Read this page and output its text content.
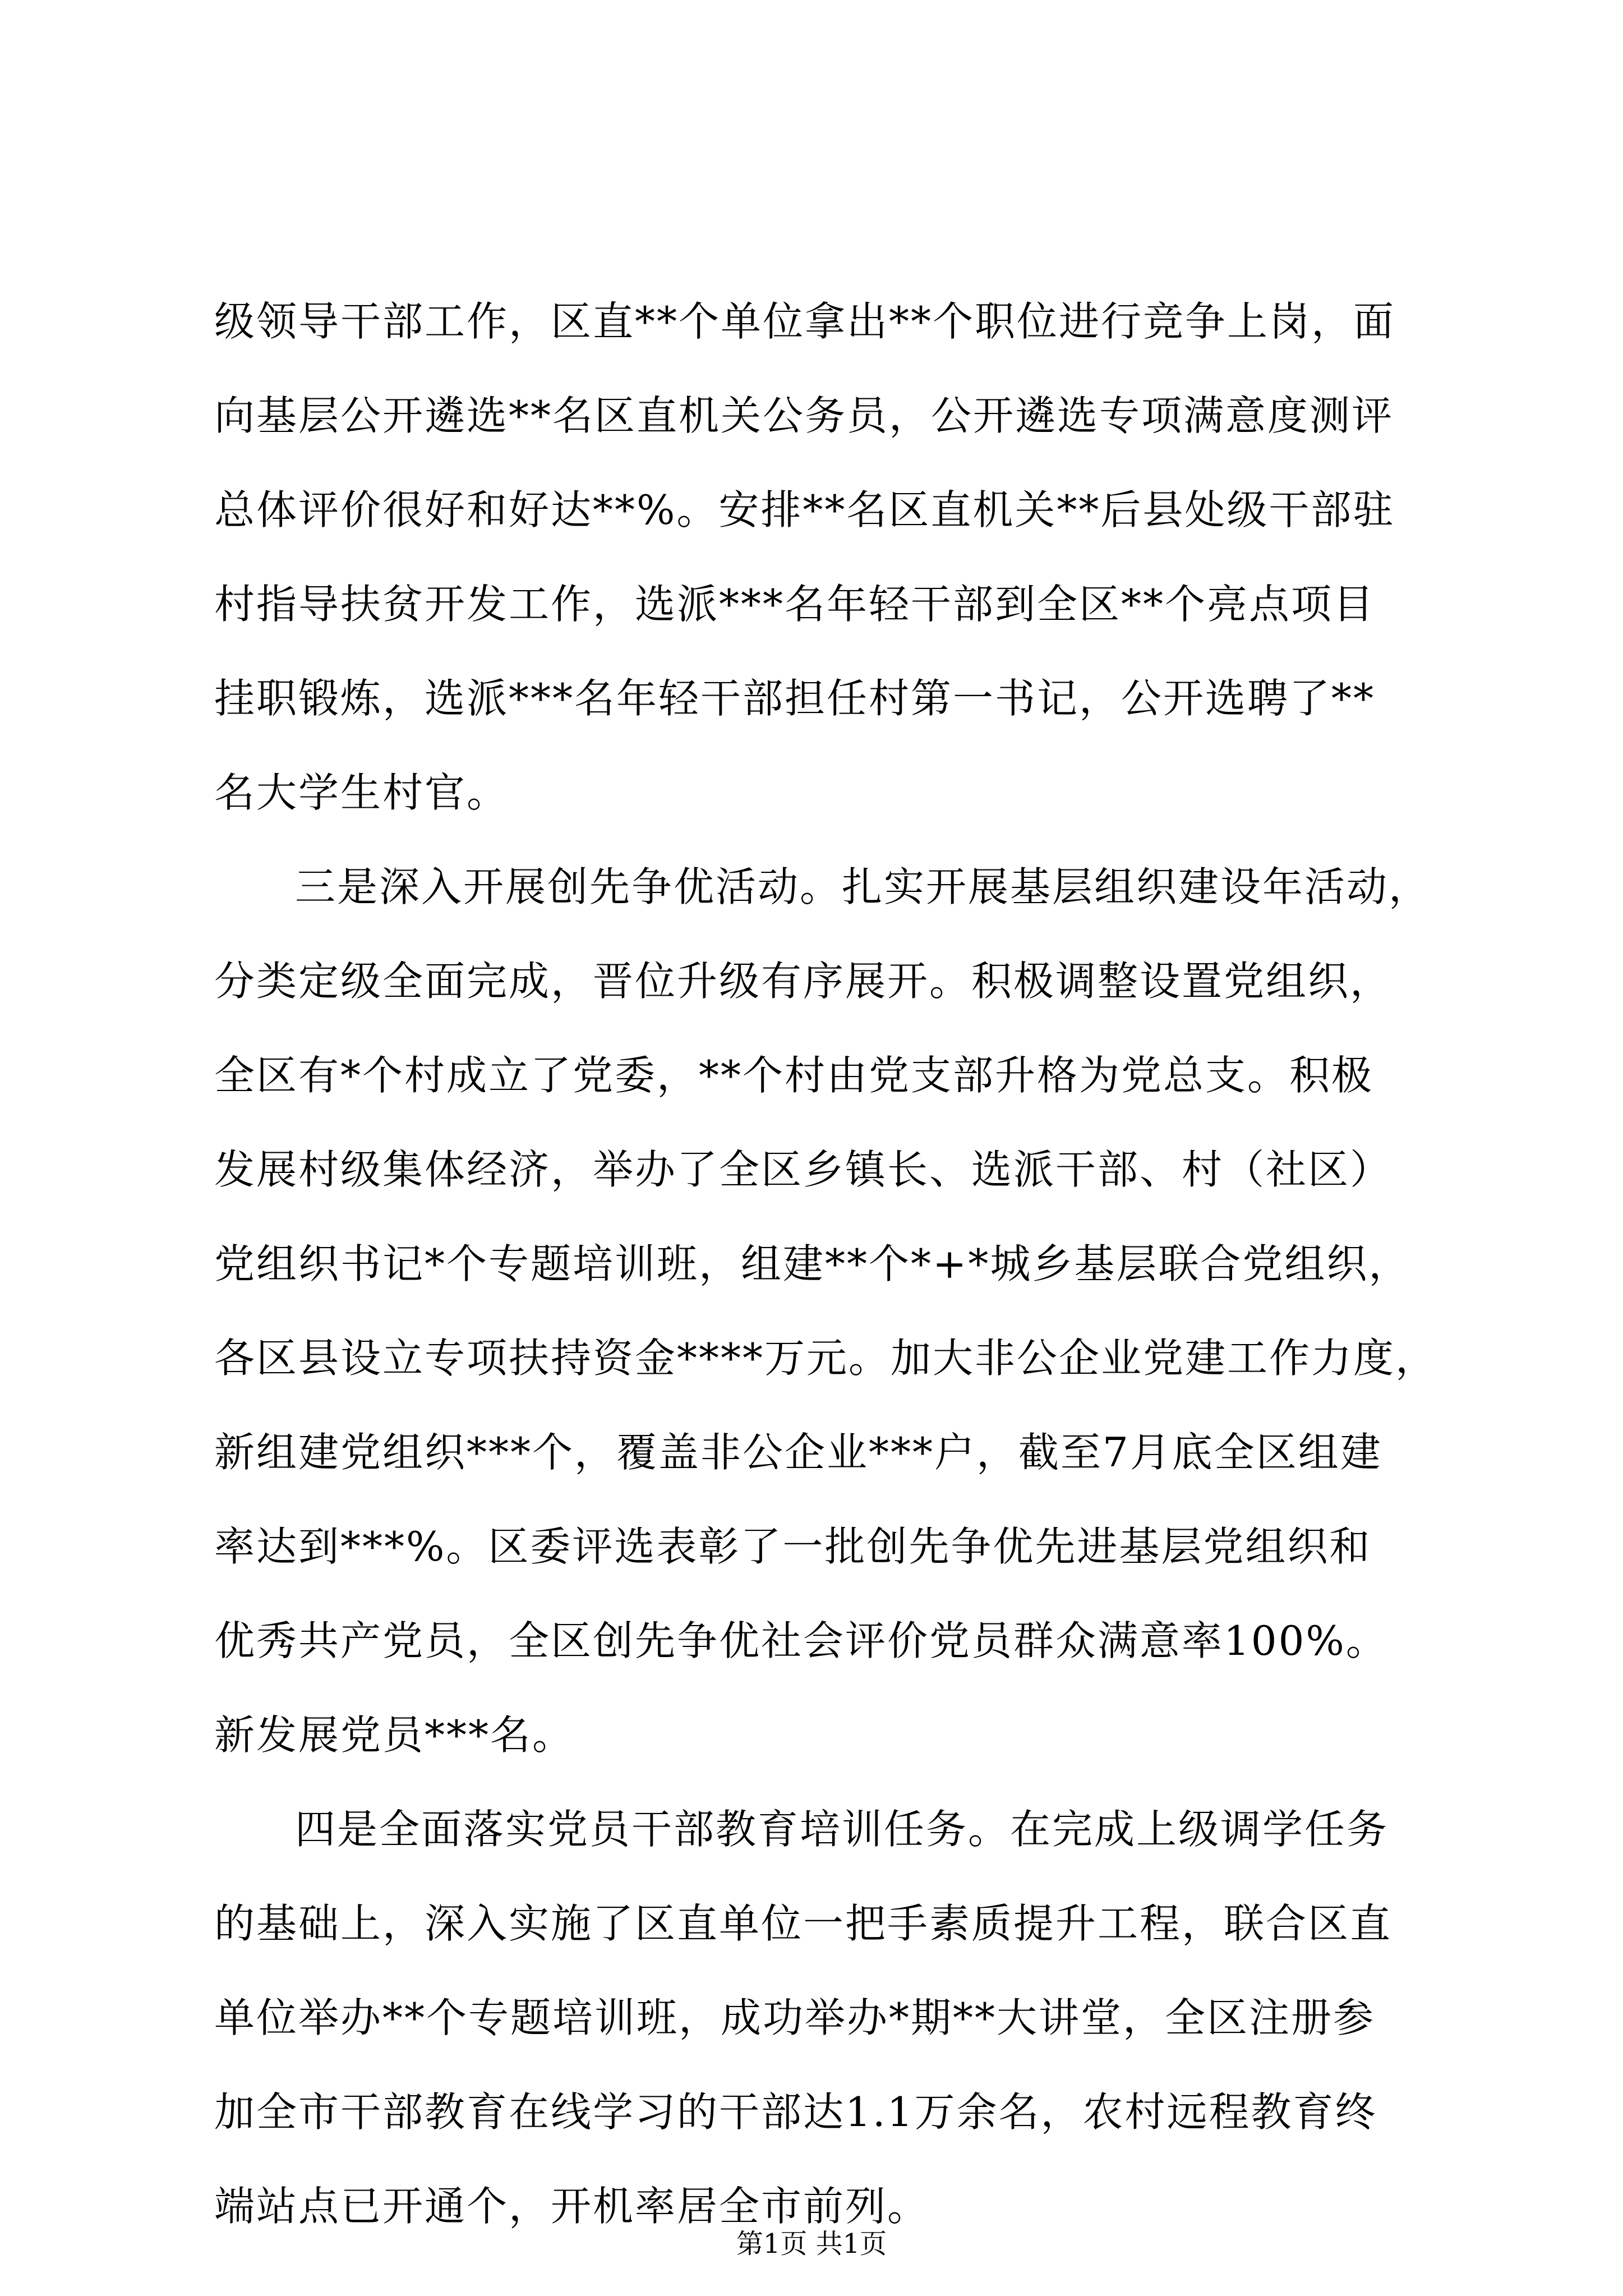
级领导干部工作，区直**个单位拿出**个职位进行竞争上岗，面
向基层公开遴选**名区直机关公务员，公开遴选专项满意度测评
总体评价很好和好达**%。安排**名区直机关**后县处级干部驻
村指导扶贫开发工作，选派***名年轻干部到全区**个亮点项目
挂职锻炼，选派***名年轻干部担任村第一书记，公开选聘了**
名大学生村官。
三是深入开展创先争优活动。扎实开展基层组织建设年活动，
分类定级全面完成，晋位升级有序展开。积极调整设置党组织，
全区有*个村成立了党委，**个村由党支部升格为党总支。积极
发展村级集体经济，举办了全区乡镇长、选派干部、村（社区）
党组织书记*个专题培训班，组建**个*+*城乡基层联合党组织，
各区县设立专项扶持资金****万元。加大非公企业党建工作力度，
新组建党组织***个，覆盖非公企业***户，截至7月底全区组建
率达到***%。区委评选表彰了一批创先争优先进基层党组织和
优秀共产党员，全区创先争优社会评价党员群众满意率100%。
新发展党员***名。
四是全面落实党员干部教育培训任务。在完成上级调学任务
的基础上，深入实施了区直单位一把手素质提升工程，联合区直
单位举办**个专题培训班，成功举办*期**大讲堂，全区注册参
加全市干部教育在线学习的干部达1.1万余名，农村远程教育终
端站点已开通个，开机率居全市前列。
第1页 共1页
